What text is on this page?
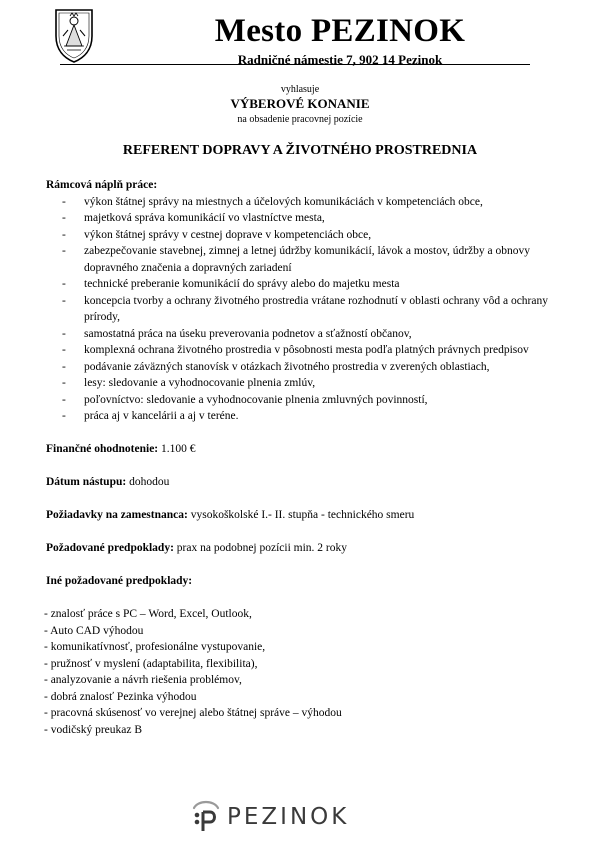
Mesto PEZINOK
Radničné námestie 7, 902 14 Pezinok
vyhlasuje
VÝBEROVÉ KONANIE
na obsadenie pracovnej pozície
REFERENT DOPRAVY A ŽIVOTNÉHO PROSTREDNIA
Rámcová náplň práce:
- výkon štátnej správy na miestnych a účelových komunikáciách v kompetenciách obce,
- majetková správa komunikácií vo vlastníctve mesta,
- výkon štátnej správy v cestnej doprave v kompetenciách obce,
- zabezpečovanie stavebnej, zimnej a letnej údržby komunikácií, lávok a mostov, údržby a obnovy dopravného značenia a dopravných zariadení
- technické preberanie komunikácií do správy alebo do majetku mesta
- koncepcia tvorby a ochrany životného prostredia vrátane rozhodnutí v oblasti ochrany vôd a ochrany prírody,
- samostatná práca na úseku preverovania podnetov a sťažností občanov,
- komplexná ochrana životného prostredia v pôsobnosti mesta podľa platných právnych predpisov
- podávanie záväzných stanovísk v otázkach životného prostredia v zverených oblastiach,
- lesy: sledovanie a vyhodnocovanie plnenia zmlúv,
- poľovníctvo: sledovanie a vyhodnocovanie plnenia zmluvných povinností,
- práca aj v kancelárii a aj v teréne.
Finančné ohodnotenie: 1.100 €
Dátum nástupu: dohodou
Požiadavky na zamestnanca: vysokoškolské I.- II. stupňa - technického smeru
Požadované predpoklady: prax na podobnej pozícii min. 2 roky
Iné požadované predpoklady:
- znalosť práce s PC – Word, Excel, Outlook,
- Auto CAD výhodou
- komunikatívnosť, profesionálne vystupovanie,
- pružnosť v myslení (adaptabilita, flexibilita),
- analyzovanie a návrh riešenia problémov,
- dobrá znalosť Pezinka výhodou
- pracovná skúsenosť vo verejnej alebo štátnej správe – výhodou
- vodičský preukaz B
PEZINOK
